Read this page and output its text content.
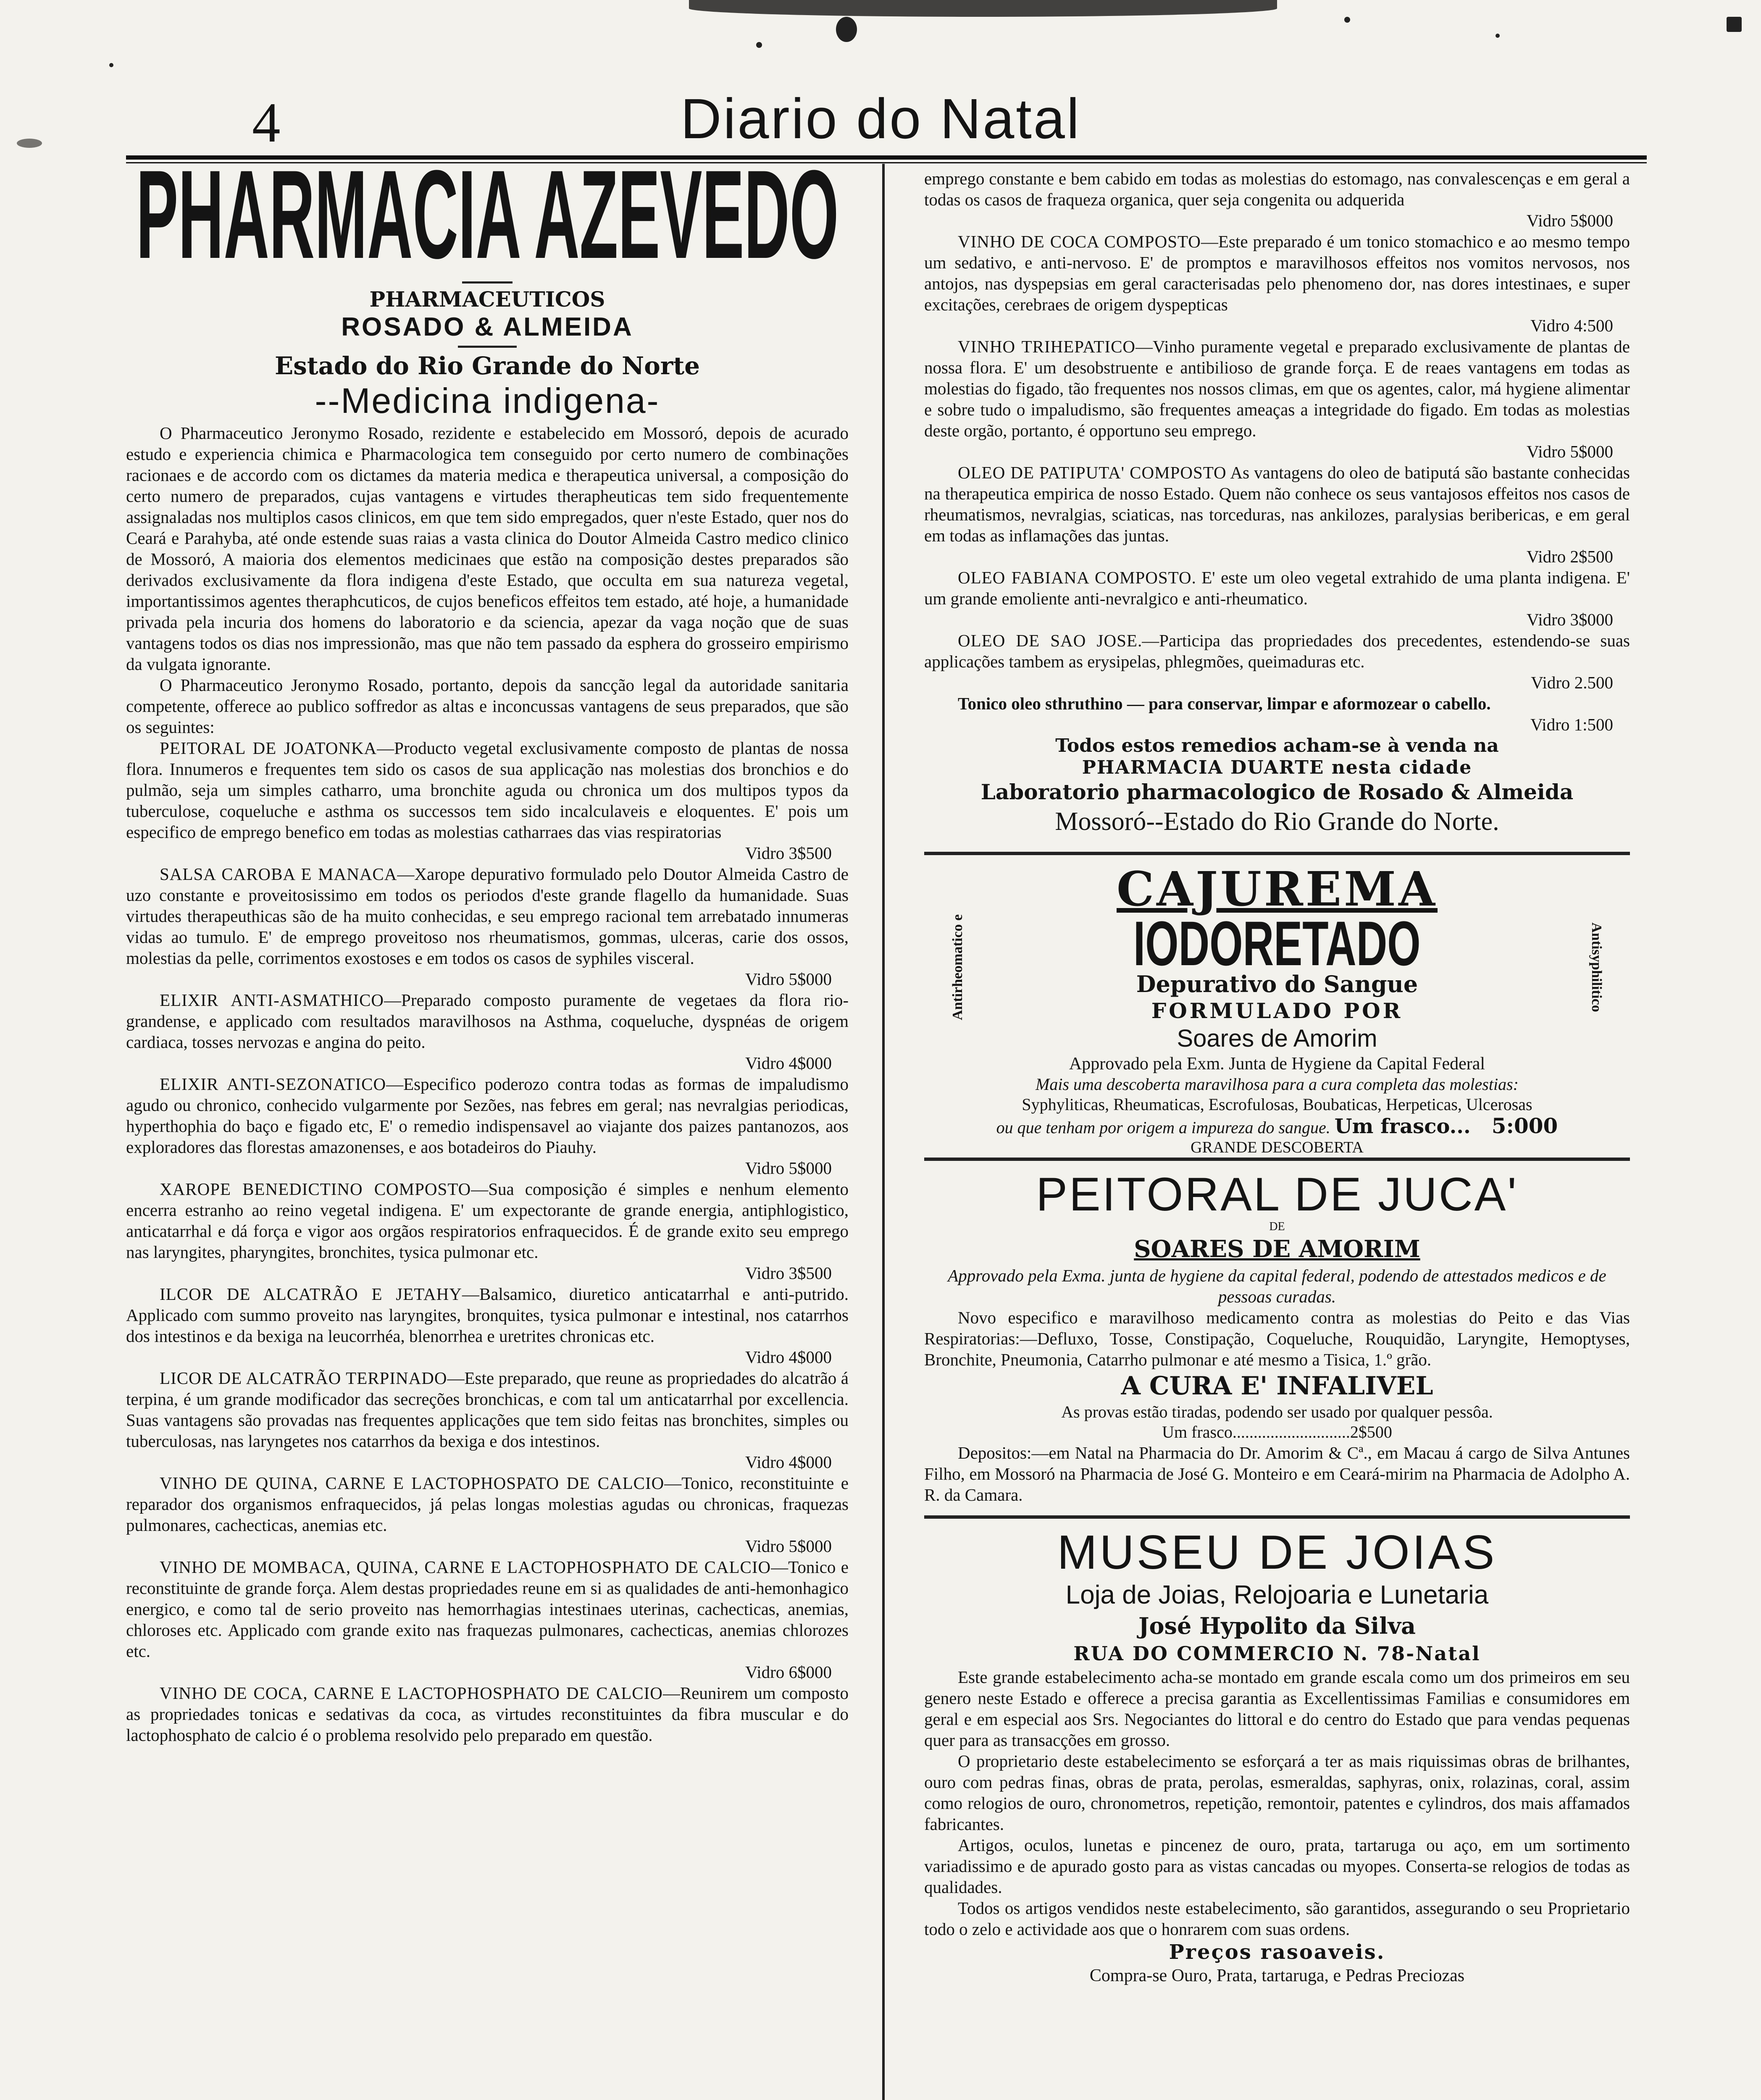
4	Diario do Natal
PHARMACIA AZEVEDO
PHARMACEUTICOS
ROSADO & ALMEIDA
Estado do Rio Grande do Norte
--Medicina indigena-

O Pharmaceutico Jeronymo Rosado, rezidente e estabelecido em Mossoró, depois de acurado estudo e experiencia chimica e Pharmacologica tem conseguido por certo numero de combinações racionaes e de accordo com os dictames da materia medica e therapeutica universal, a composição do certo numero de preparados, cujas vantagens e virtudes therapheuticas tem sido frequentemente assignaladas nos multiplos casos clinicos, em que tem sido empregados, quer n'este Estado, quer nos do Ceará e Parahyba, até onde estende suas raias a vasta clinica do Doutor Almeida Castro medico clinico de Mossoró, A maioria dos elementos medicinaes que estão na composição destes preparados são derivados exclusivamente da flora indigena d'este Estado, que occulta em sua natureza vegetal, importantissimos agentes theraphcuticos, de cujos beneficos effeitos tem estado, até hoje, a humanidade privada pela incuria dos homens do laboratorio e da sciencia, apezar da vaga noção que de suas vantagens todos os dias nos impressionão, mas que não tem passado da esphera do grosseiro empirismo da vulgata ignorante.

O Pharmaceutico Jeronymo Rosado, portanto, depois da sancção legal da autoridade sanitaria competente, offerece ao publico soffredor as altas e inconcussas vantagens de seus preparados, que são os seguintes:

PEITORAL DE JOATONKA—Producto vegetal exclusivamente composto de plantas de nossa flora. Innumeros e frequentes tem sido os casos de sua applicação nas molestias dos bronchios e do pulmão, seja um simples catharro, uma bronchite aguda ou chronica um dos multipos typos da tuberculose, coqueluche e asthma os successos tem sido incalculaveis e eloquentes. E' pois um especifico de emprego benefico em todas as molestias catharraes das vias respiratorias

Vidro 3$500

SALSA CAROBA E MANACA—Xarope depurativo formulado pelo Doutor Almeida Castro de uzo constante e proveitosissimo em todos os periodos d'este grande flagello da humanidade. Suas virtudes therapeuthicas são de ha muito conhecidas, e seu emprego racional tem arrebatado innumeras vidas ao tumulo. E' de emprego proveitoso nos rheumatismos, gommas, ulceras, carie dos ossos, molestias da pelle, corrimentos exostoses e em todos os casos de syphiles visceral.

Vidro 5$000

ELIXIR ANTI-ASMATHICO—Preparado composto puramente de vegetaes da flora rio-grandense, e applicado com resultados maravilhosos na Asthma, coqueluche, dyspnéas de origem cardiaca, tosses nervozas e angina do peito.

Vidro 4$000

ELIXIR ANTI-SEZONATICO—Especifico poderozo contra todas as formas de impaludismo agudo ou chronico, conhecido vulgarmente por Sezões, nas febres em geral; nas nevralgias periodicas, hyperthophia do baço e figado etc, E' o remedio indispensavel ao viajante dos paizes pantanozos, aos exploradores das florestas amazonenses, e aos botadeiros do Piauhy.

Vidro 5$000

XAROPE BENEDICTINO COMPOSTO—Sua composição é simples e nenhum elemento encerra estranho ao reino vegetal indigena. E' um expectorante de grande energia, antiphlogistico, anticatarrhal e dá força e vigor aos orgãos respiratorios enfraquecidos. É de grande exito seu emprego nas laryngites, pharyngites, bronchites, tysica pulmonar etc.

Vidro 3$500

ILCOR DE ALCATRÃO E JETAHY—Balsamico, diuretico anticatarrhal e anti-putrido. Applicado com summo proveito nas laryngites, bronquites, tysica pulmonar e intestinal, nos catarrhos dos intestinos e da bexiga na leucorrhéa, blenorrhea e uretrites chronicas etc.

Vidro 4$000

LICOR DE ALCATRÃO TERPINADO—Este preparado, que reune as propriedades do alcatrão á terpina, é um grande modificador das secreções bronchicas, e com tal um anticatarrhal por excellencia. Suas vantagens são provadas nas frequentes applicações que tem sido feitas nas bronchites, simples ou tuberculosas, nas laryngetes nos catarrhos da bexiga e dos intestinos.

Vidro 4$000

VINHO DE QUINA, CARNE E LACTOPHOSPATO DE CALCIO—Tonico, reconstituinte e reparador dos organismos enfraquecidos, já pelas longas molestias agudas ou chronicas, fraquezas pulmonares, cachecticas, anemias etc.

Vidro 5$000

VINHO DE MOMBACA, QUINA, CARNE E LACTOPHOSPHATO DE CALCIO—Tonico e reconstituinte de grande força. Alem destas propriedades reune em si as qualidades de anti-hemonhagico energico, e como tal de serio proveito nas hemorrhagias intestinaes uterinas, cachecticas, anemias, chloroses etc. Applicado com grande exito nas fraquezas pulmonares, cachecticas, anemias chlorozes etc.

Vidro 6$000

VINHO DE COCA, CARNE E LACTOPHOSPHATO DE CALCIO—Reunirem um composto as propriedades tonicas e sedativas da coca, as virtudes reconstituintes da fibra muscular e do lactophosphato de calcio é o problema resolvido pelo preparado em questão.

emprego constante e bem cabido em todas as molestias do estomago, nas convalescenças e em geral a todas os casos de fraqueza organica, quer seja congenita ou adquerida

Vidro 5$000

VINHO DE COCA COMPOSTO—Este preparado é um tonico stomachico e ao mesmo tempo um sedativo, e anti-nervoso. E' de promptos e maravilhosos effeitos nos vomitos nervosos, nos antojos, nas dyspepsias em geral caracterisadas pelo phenomeno dor, nas dores intestinaes, e super excitações, cerebraes de origem dyspepticas

Vidro 4:500

VINHO TRIHEPATICO—Vinho puramente vegetal e preparado exclusivamente de plantas de nossa flora. E' um desobstruente e antibilioso de grande força. E de reaes vantagens em todas as molestias do figado, tão frequentes nos nossos climas, em que os agentes, calor, má hygiene alimentar e sobre tudo o impaludismo, são frequentes ameaças a integridade do figado. Em todas as molestias deste orgão, portanto, é opportuno seu emprego.

Vidro 5$000

OLEO DE PATIPUTA' COMPOSTO As vantagens do oleo de batiputá são bastante conhecidas na therapeutica empirica de nosso Estado. Quem não conhece os seus vantajosos effeitos nos casos de rheumatismos, nevralgias, sciaticas, nas torceduras, nas ankilozes, paralysias beribericas, e em geral em todas as inflamações das juntas.

Vidro 2$500

OLEO FABIANA COMPOSTO. E' este um oleo vegetal extrahido de uma planta indigena. E' um grande emoliente anti-nevralgico e anti-rheumatico.

Vidro 3$000

OLEO DE SAO JOSE.—Participa das propriedades dos precedentes, estendendo-se suas applicações tambem as erysipelas, phlegmões, queimaduras etc.

Vidro 2.500

Tonico oleo sthruthino — para conservar, limpar e aformozear o cabello.

Vidro 1:500
Todos estos remedios acham-se à venda na
PHARMACIA DUARTE nesta cidade
Laboratorio pharmacologico de Rosado & Almeida
Mossoró--Estado do Rio Grande do Norte.
Antirheomatico e	Antisyphilitico
CAJUREMA
IODORETADO
Depurativo do Sangue
FORMULADO POR
Soares de Amorim
Approvado pela Exm. Junta de Hygiene da Capital Federal
Mais uma descoberta maravilhosa para a cura completa das molestias:
Syphyliticas, Rheumaticas, Escrofulosas, Boubaticas, Herpeticas, Ulcerosas
ou que tenham por origem a impureza do sangue. Um frasco... 5:000
GRANDE DESCOBERTA
PEITORAL DE JUCA'
DE
SOARES DE AMORIM

Approvado pela Exma. junta de hygiene da capital federal, podendo de attestados medicos e de pessoas curadas.

Novo especifico e maravilhoso medicamento contra as molestias do Peito e das Vias Respiratorias:—Defluxo, Tosse, Constipação, Coqueluche, Rouquidão, Laryngite, Hemoptyses, Bronchite, Pneumonia, Catarrho pulmonar e até mesmo a Tisica, 1.º grão.

A CURA E' INFALIVEL
As provas estão tiradas, podendo ser usado por qualquer pessôa.
Um frasco............................2$500

Depositos:—em Natal na Pharmacia do Dr. Amorim & Cª., em Macau á cargo de Silva Antunes Filho, em Mossoró na Pharmacia de José G. Monteiro e em Ceará-mirim na Pharmacia de Adolpho A. R. da Camara.

MUSEU DE JOIAS
Loja de Joias, Relojoaria e Lunetaria
José Hypolito da Silva
RUA DO COMMERCIO N. 78-Natal

Este grande estabelecimento acha-se montado em grande escala como um dos primeiros em seu genero neste Estado e offerece a precisa garantia as Excellentissimas Familias e consumidores em geral e em especial aos Srs. Negociantes do littoral e do centro do Estado que para vendas pequenas quer para as transacções em grosso.

O proprietario deste estabelecimento se esforçará a ter as mais riquissimas obras de brilhantes, ouro com pedras finas, obras de prata, perolas, esmeraldas, saphyras, onix, rolazinas, coral, assim como relogios de ouro, chronometros, repetição, remontoir, patentes e cylindros, dos mais affamados fabricantes.

Artigos, oculos, lunetas e pincenez de ouro, prata, tartaruga ou aço, em um sortimento variadissimo e de apurado gosto para as vistas cancadas ou myopes. Conserta-se relogios de todas as qualidades.

Todos os artigos vendidos neste estabelecimento, são garantidos, assegurando o seu Proprietario todo o zelo e actividade aos que o honrarem com suas ordens.

Preços rasoaveis.
Compra-se Ouro, Prata, tartaruga, e Pedras Preciozas
